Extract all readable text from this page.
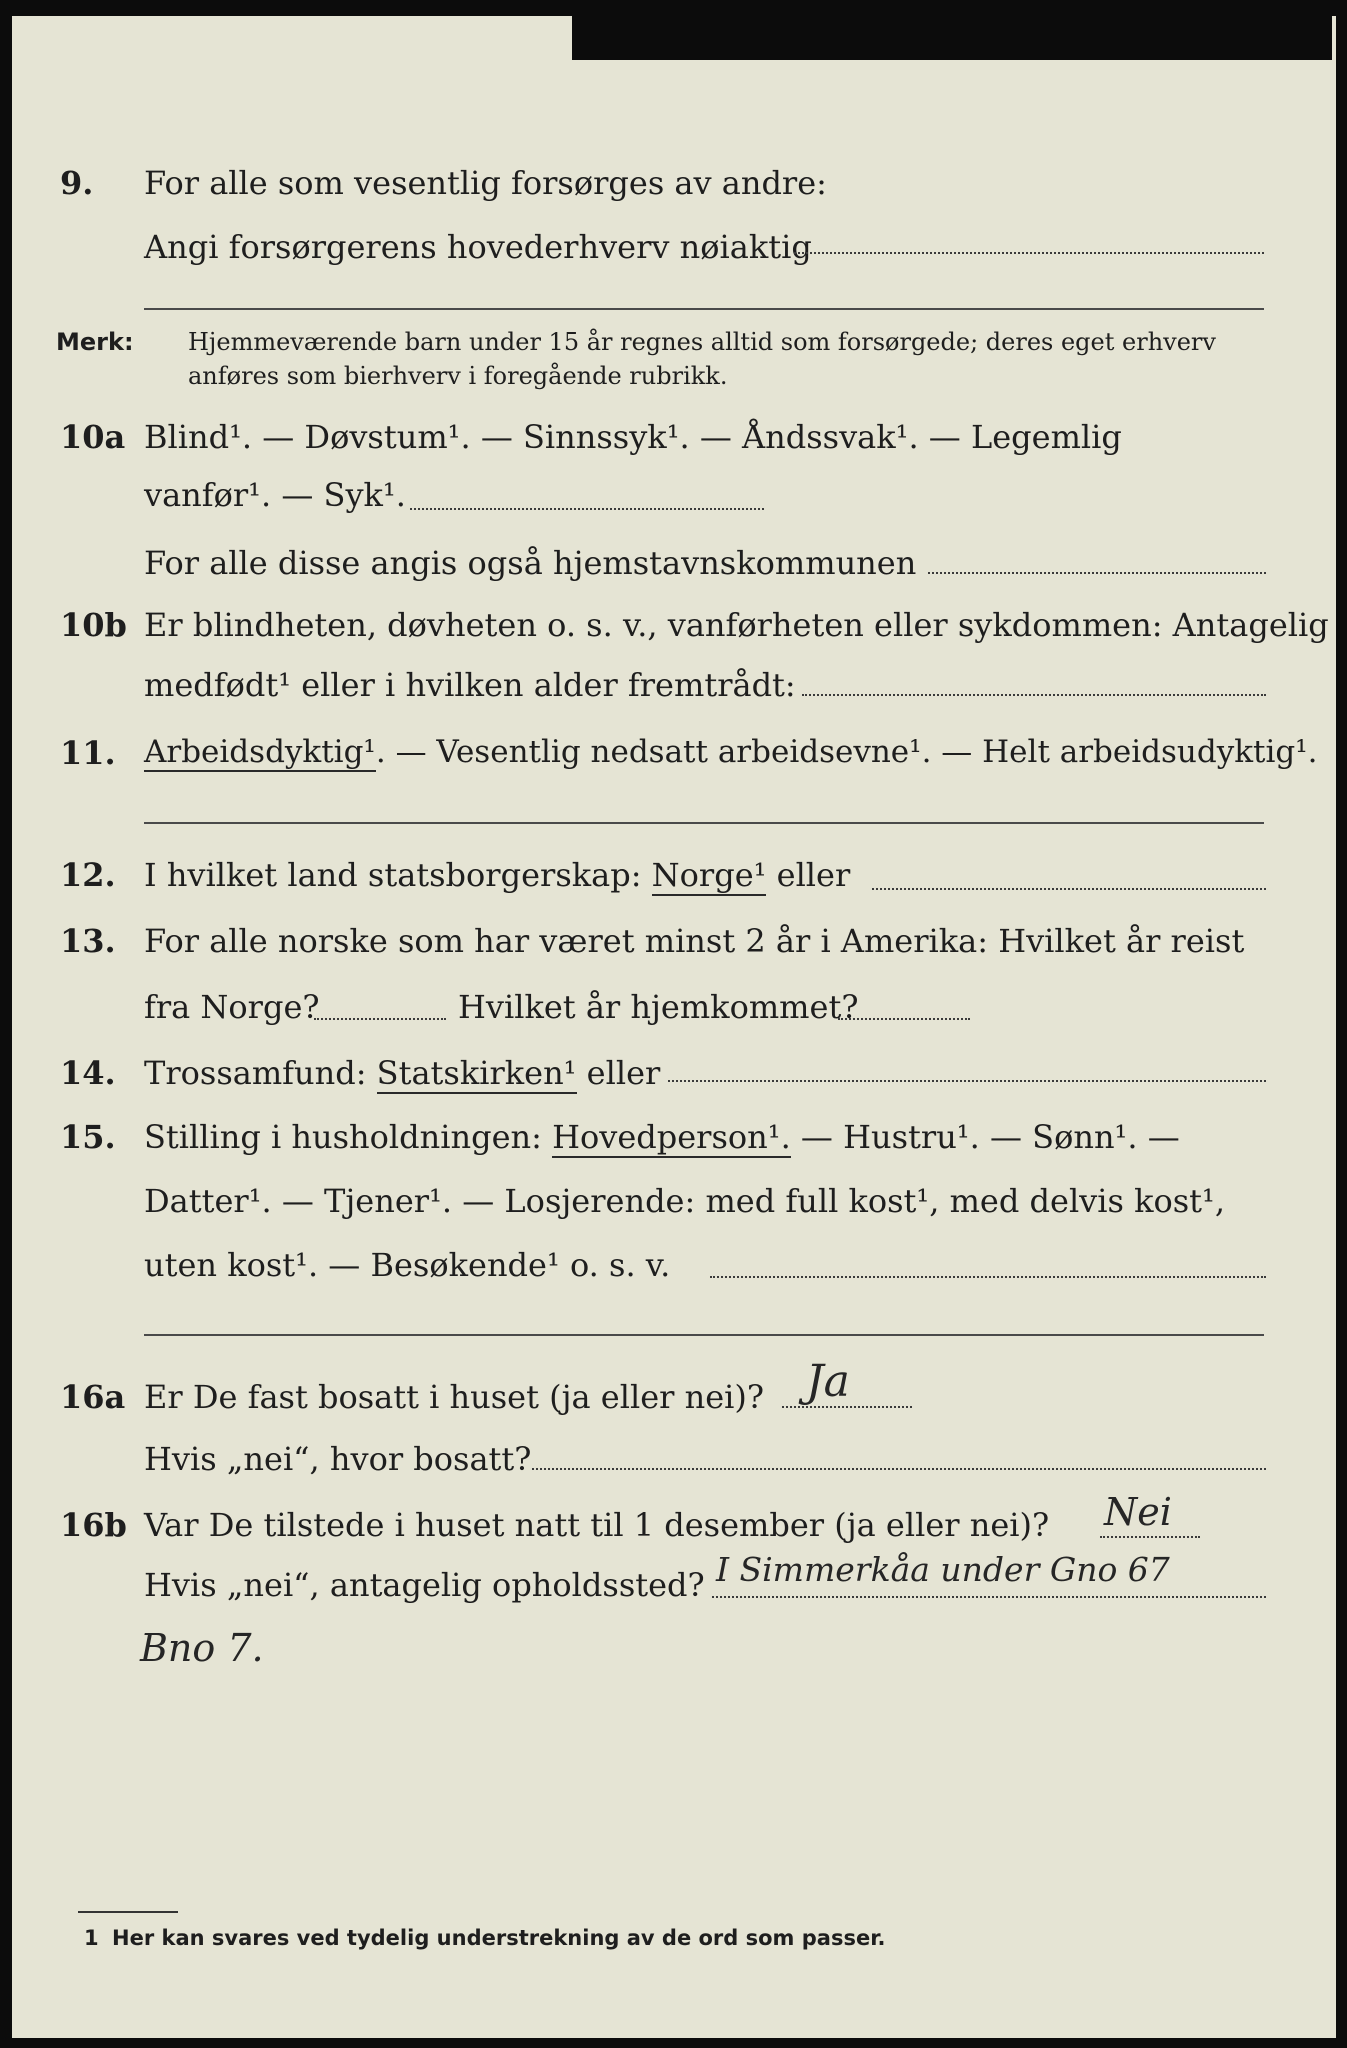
9. For alle som vesentlig forsørges av andre:
Angi forsørgerens hovederhverv nøiaktig
Merk: Hjemmeværende barn under 15 år regnes alltid som forsørgede; deres eget erhverv
anføres som bierhverv i foregående rubrikk.
10a Blind¹. — Døvstum¹. — Sinnssyk¹. — Åndssvak¹. — Legemlig
vanfør¹. — Syk¹.
For alle disse angis også hjemstavnskommunen
10b Er blindheten, døvheten o. s. v., vanførheten eller sykdommen: Antagelig
medfødt¹ eller i hvilken alder fremtrådt:
11. Arbeidsdyktig¹. — Vesentlig nedsatt arbeidsevne¹. — Helt arbeidsudyktig¹.
12. I hvilket land statsborgerskap: Norge¹ eller
13. For alle norske som har været minst 2 år i Amerika: Hvilket år reist
fra Norge?	Hvilket år hjemkommet?
14. Trossamfund: Statskirken¹ eller
15. Stilling i husholdningen: Hovedperson¹. — Hustru¹. — Sønn¹. —
Datter¹. — Tjener¹. — Losjerende: med full kost¹, med delvis kost¹,
uten kost¹. — Besøkende¹ o. s. v.
16a Er De fast bosatt i huset (ja eller nei)? Ja
Hvis „nei“, hvor bosatt?
16b Var De tilstede i huset natt til 1 desember (ja eller nei)? Nei
Hvis „nei“, antagelig opholdssted? I Simmerkåa under Gno 67
Bno 7.
1 Her kan svares ved tydelig understrekning av de ord som passer.
